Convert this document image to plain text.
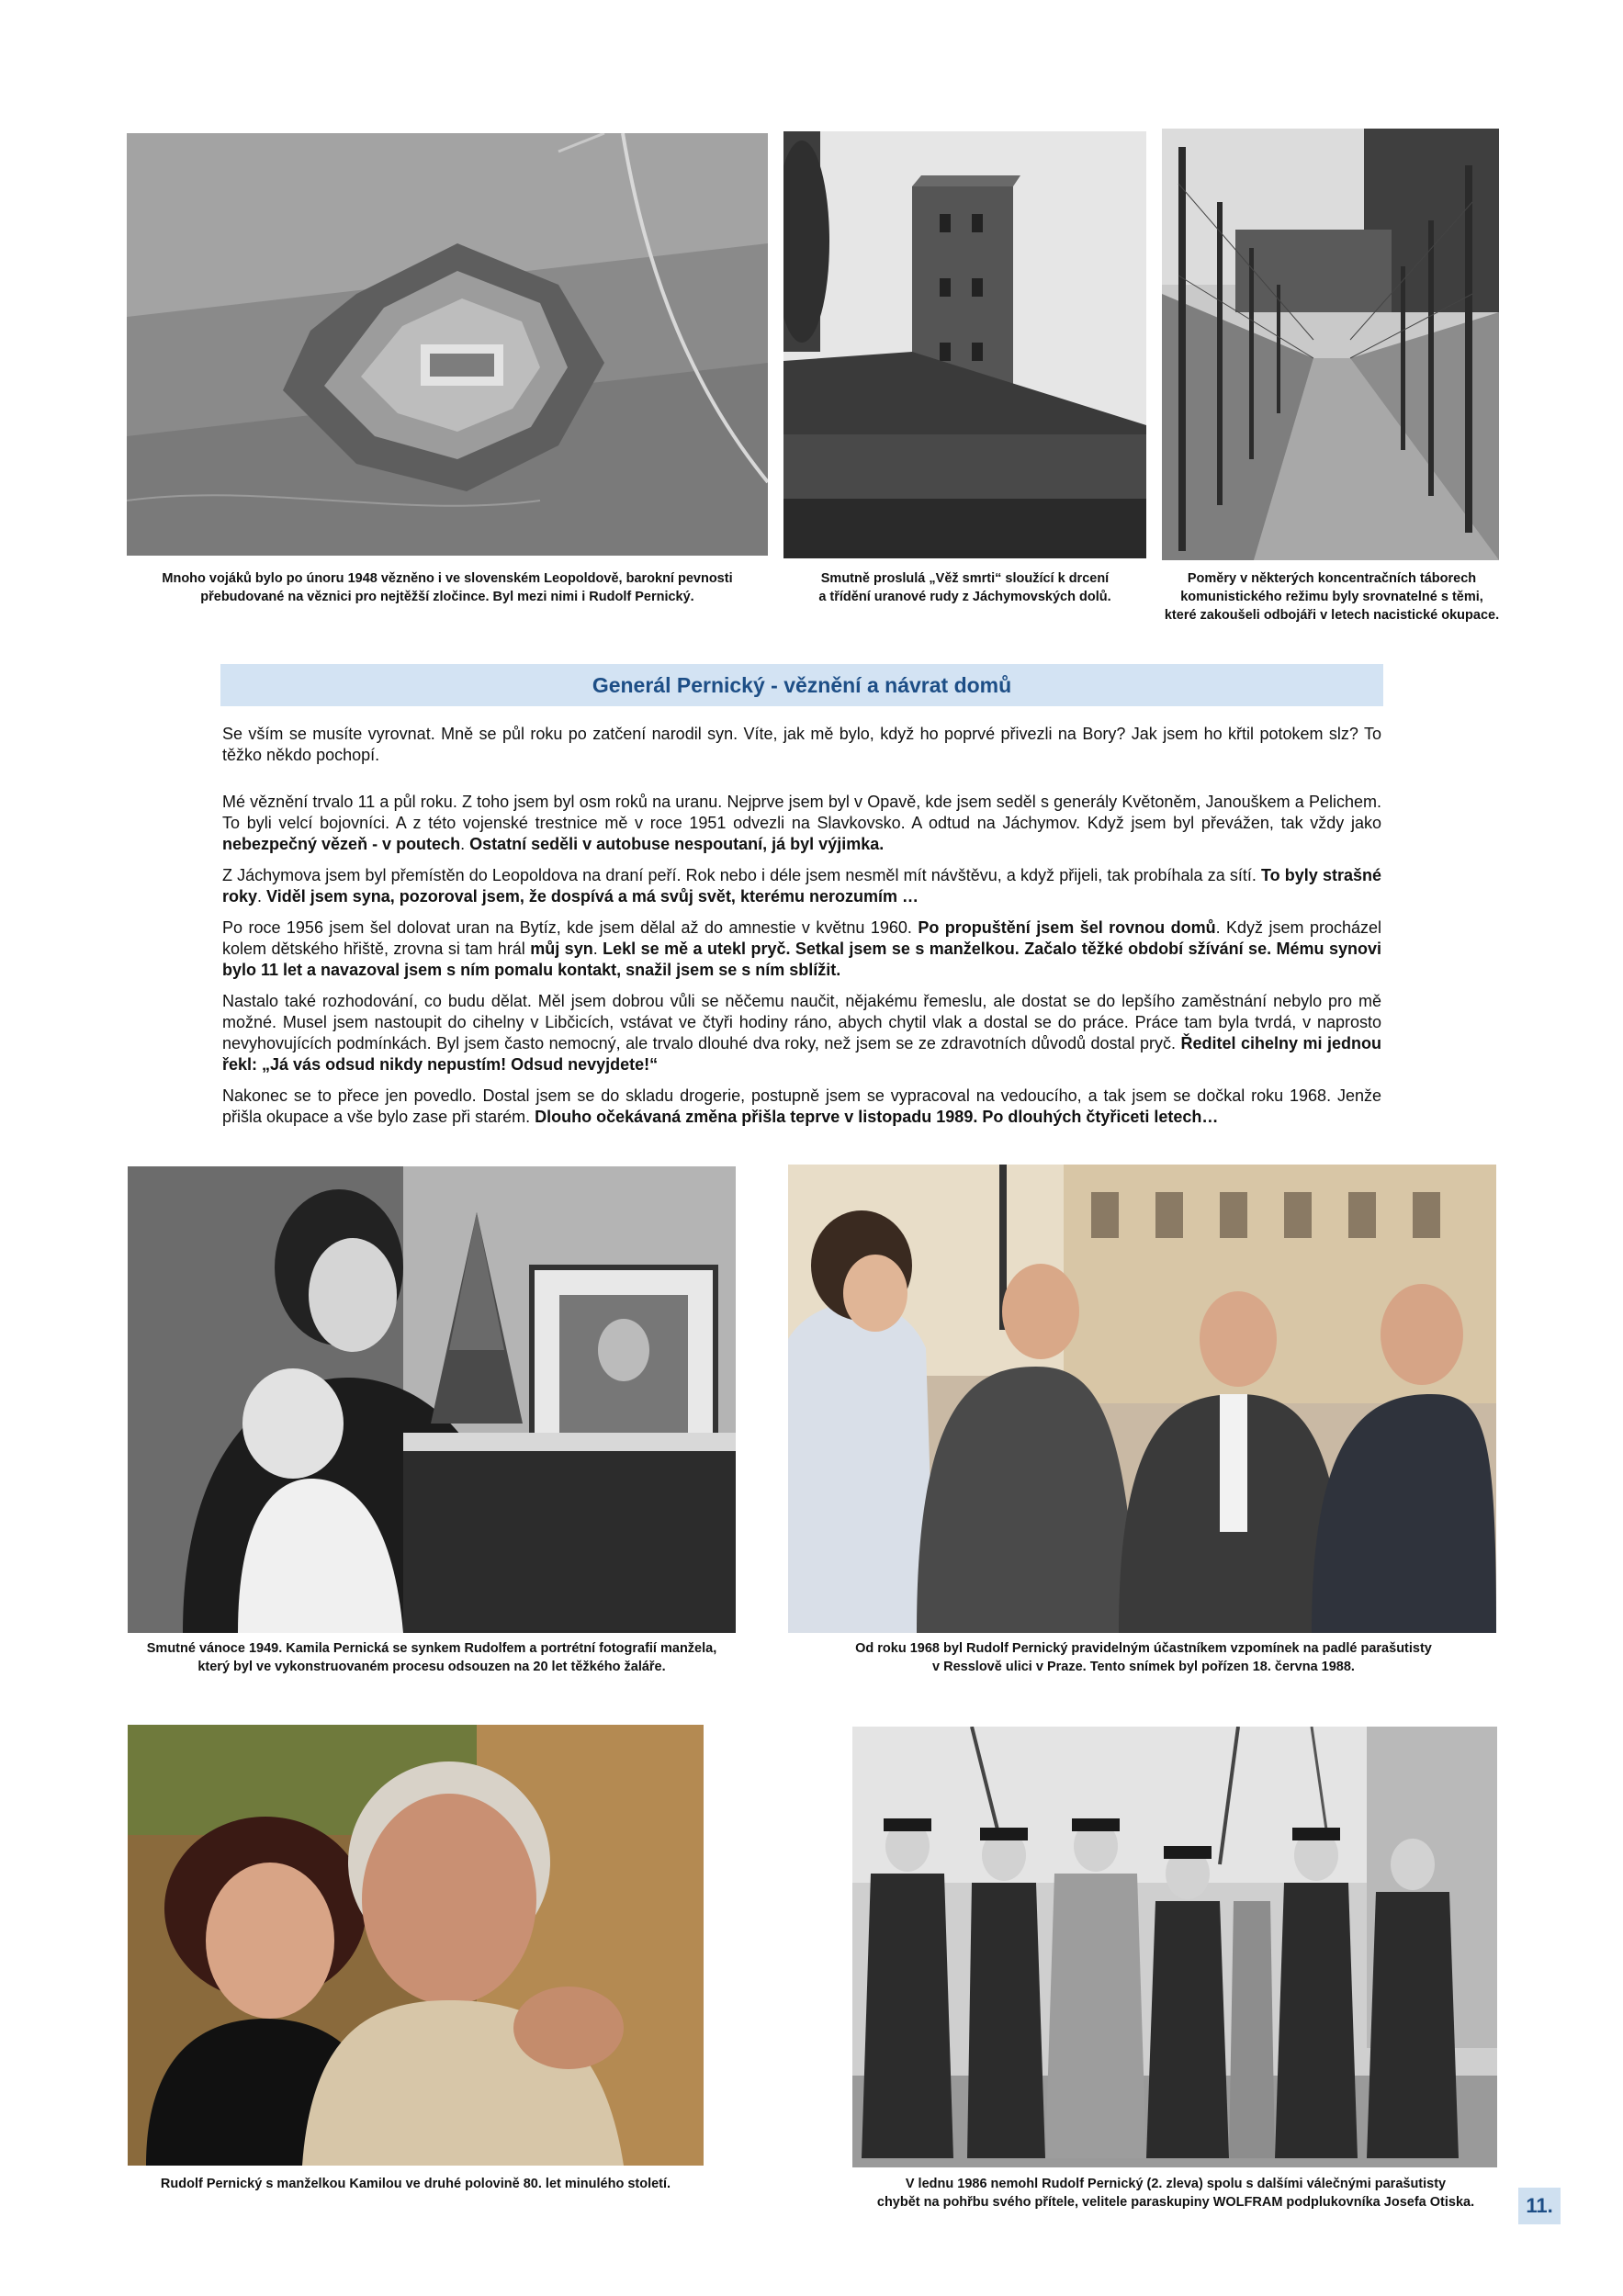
Mnoho vojáků bylo po únoru 1948 vězněno i ve slovenském Leopoldově, barokní pevnosti
přebudované na věznici pro nejtěžší zločince. Byl mezi nimi i Rudolf Pernický.
Smutně proslulá „Věž smrti“ sloužící k drcení
a třídění uranové rudy z Jáchymovských dolů.
Poměry v některých koncentračních táborech
komunistického režimu byly srovnatelné s těmi,
které zakoušeli odbojáři v letech nacistické okupace.
Generál Pernický - věznění a návrat domů

Se vším se musíte vyrovnat. Mně se půl roku po zatčení narodil syn. Víte, jak mě bylo, když ho poprvé přivezli na Bory? Jak jsem ho křtil potokem slz? To těžko někdo pochopí.

Mé věznění trvalo 11 a půl roku. Z toho jsem byl osm roků na uranu. Nejprve jsem byl v Opavě, kde jsem seděl s generály Květoněm, Janouškem a Pelichem. To byli velcí bojovníci. A z této vojenské trestnice mě v roce 1951 odvezli na Slavkovsko. A odtud na Jáchymov. Když jsem byl převážen, tak vždy jako nebezpečný vězeň - v poutech. Ostatní seděli v autobuse nespoutaní, já byl výjimka.

Z Jáchymova jsem byl přemístěn do Leopoldova na draní peří. Rok nebo i déle jsem nesměl mít návštěvu, a když přijeli, tak probíhala za sítí. To byly strašné roky. Viděl jsem syna, pozoroval jsem, že dospívá a má svůj svět, kterému nerozumím …

Po roce 1956 jsem šel dolovat uran na Bytíz, kde jsem dělal až do amnestie v květnu 1960. Po propuštění jsem šel rovnou domů. Když jsem procházel kolem dětského hřiště, zrovna si tam hrál můj syn. Lekl se mě a utekl pryč. Setkal jsem se s manželkou. Začalo těžké období sžívání se. Mému synovi bylo 11 let a navazoval jsem s ním pomalu kontakt, snažil jsem se s ním sblížit.

Nastalo také rozhodování, co budu dělat. Měl jsem dobrou vůli se něčemu naučit, nějakému řemeslu, ale dostat se do lepšího zaměstnání nebylo pro mě možné. Musel jsem nastoupit do cihelny v Libčicích, vstávat ve čtyři hodiny ráno, abych chytil vlak a dostal se do práce. Práce tam byla tvrdá, v naprosto nevyhovujících podmínkách. Byl jsem často nemocný, ale trvalo dlouhé dva roky, než jsem se ze zdravotních důvodů dostal pryč. Ředitel cihelny mi jednou řekl: „Já vás odsud nikdy nepustím! Odsud nevyjdete!“

Nakonec se to přece jen povedlo. Dostal jsem se do skladu drogerie, postupně jsem se vypracoval na vedoucího, a tak jsem se dočkal roku 1968. Jenže přišla okupace a vše bylo zase při starém. Dlouho očekávaná změna přišla teprve v listopadu 1989. Po dlouhých čtyřiceti letech…

Smutné vánoce 1949. Kamila Pernická se synkem Rudolfem a portrétní fotografií manžela,
který byl ve vykonstruovaném procesu odsouzen na 20 let těžkého žaláře.
Od roku 1968 byl Rudolf Pernický pravidelným účastníkem vzpomínek na padlé parašutisty
v Resslově ulici v Praze. Tento snímek byl pořízen 18. června 1988.
Rudolf Pernický s manželkou Kamilou ve druhé polovině 80. let minulého století.	V lednu 1986 nemohl Rudolf Pernický (2. zleva) spolu s dalšími válečnými parašutisty
chybět na pohřbu svého přítele, velitele paraskupiny WOLFRAM podplukovníka Josefa Otiska.	11.
